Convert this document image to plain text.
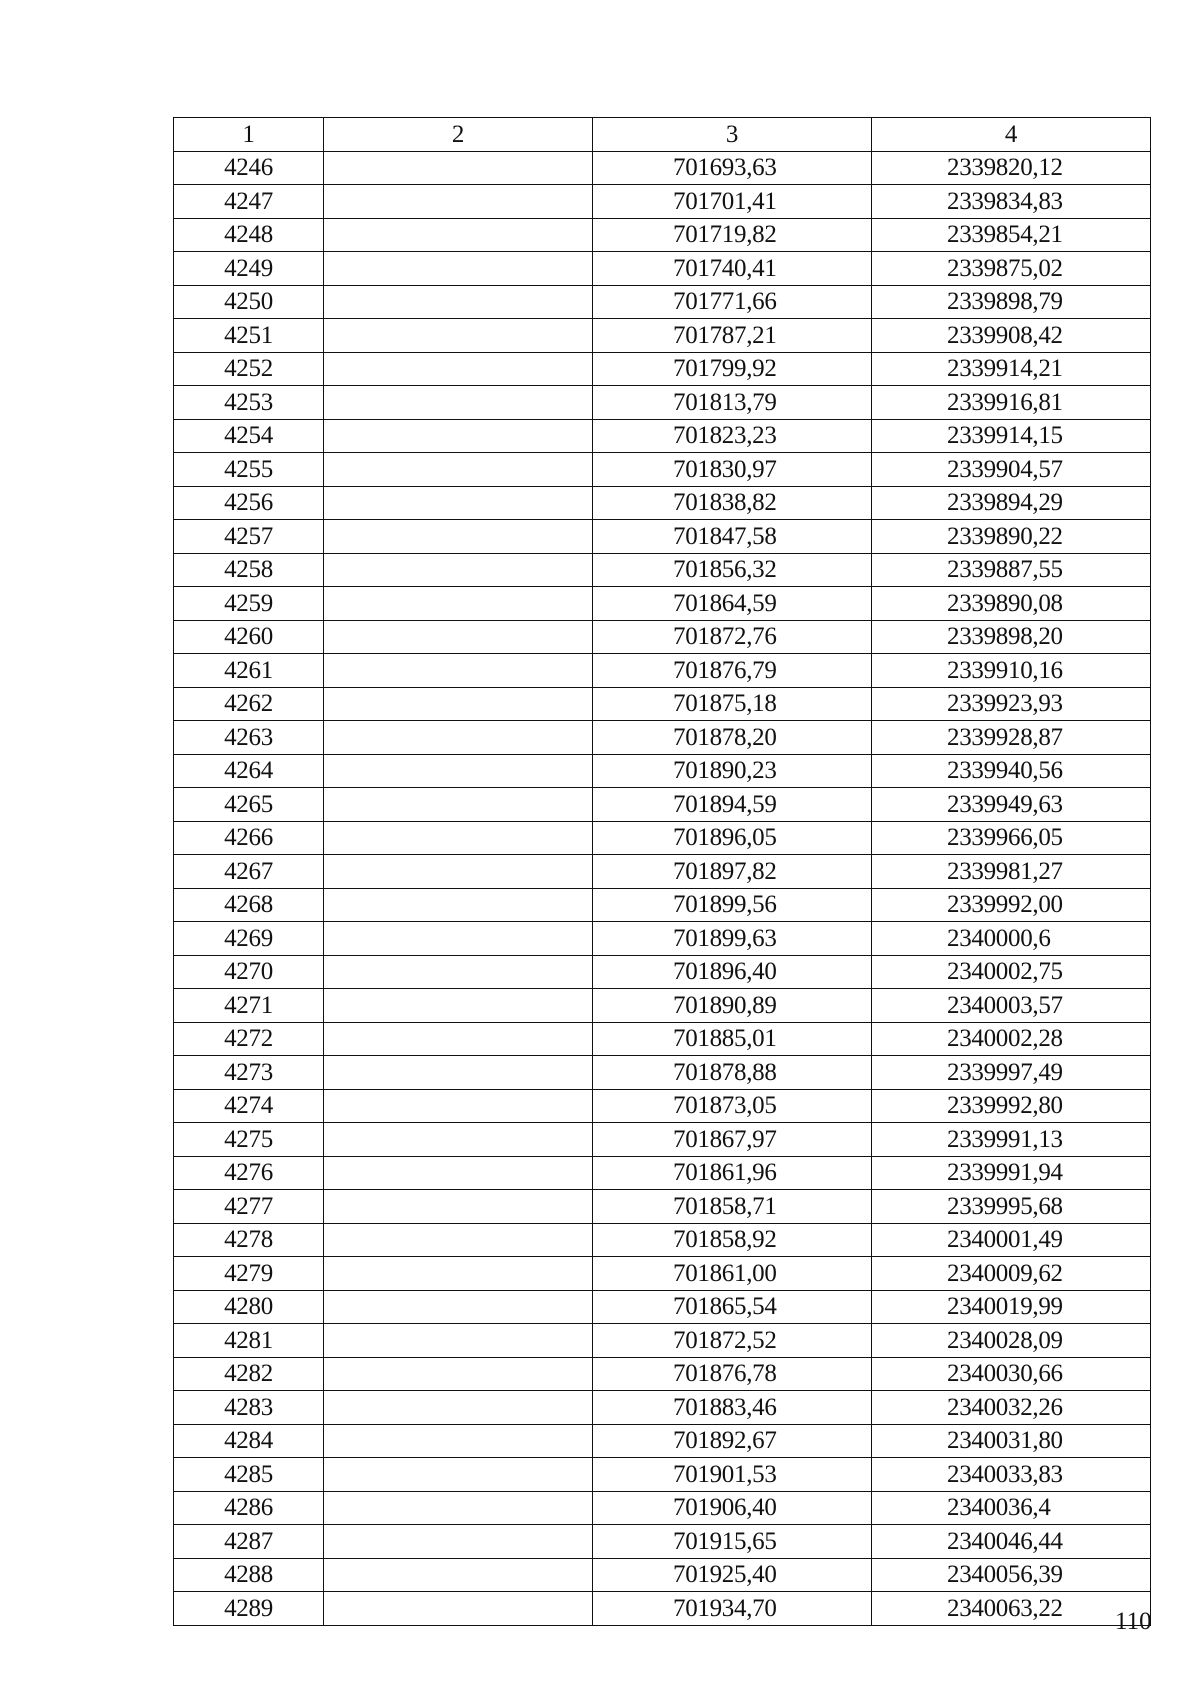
1	2	3	4
4246		701693,63	2339820,12
4247		701701,41	2339834,83
4248		701719,82	2339854,21
4249		701740,41	2339875,02
4250		701771,66	2339898,79
4251		701787,21	2339908,42
4252		701799,92	2339914,21
4253		701813,79	2339916,81
4254		701823,23	2339914,15
4255		701830,97	2339904,57
4256		701838,82	2339894,29
4257		701847,58	2339890,22
4258		701856,32	2339887,55
4259		701864,59	2339890,08
4260		701872,76	2339898,20
4261		701876,79	2339910,16
4262		701875,18	2339923,93
4263		701878,20	2339928,87
4264		701890,23	2339940,56
4265		701894,59	2339949,63
4266		701896,05	2339966,05
4267		701897,82	2339981,27
4268		701899,56	2339992,00
4269		701899,63	2340000,6
4270		701896,40	2340002,75
4271		701890,89	2340003,57
4272		701885,01	2340002,28
4273		701878,88	2339997,49
4274		701873,05	2339992,80
4275		701867,97	2339991,13
4276		701861,96	2339991,94
4277		701858,71	2339995,68
4278		701858,92	2340001,49
4279		701861,00	2340009,62
4280		701865,54	2340019,99
4281		701872,52	2340028,09
4282		701876,78	2340030,66
4283		701883,46	2340032,26
4284		701892,67	2340031,80
4285		701901,53	2340033,83
4286		701906,40	2340036,4
4287		701915,65	2340046,44
4288		701925,40	2340056,39
4289		701934,70	2340063,22 110
